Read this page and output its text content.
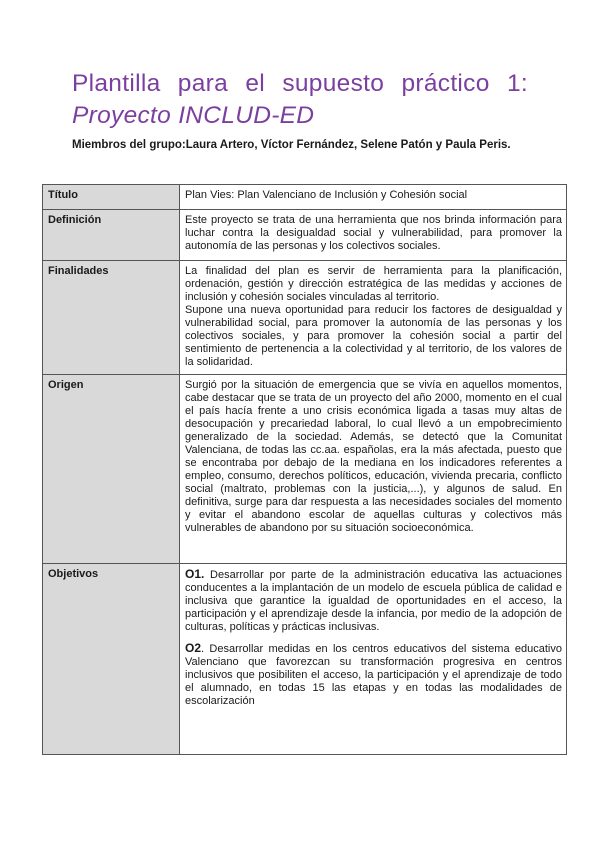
Plantilla para el supuesto práctico 1:
Proyecto INCLUD-ED
Miembros del grupo:Laura Artero, Víctor Fernández, Selene Patón y Paula Peris.
Título	Plan Vies: Plan Valenciano de Inclusión y Cohesión social
Definición	Este proyecto se trata de una herramienta que nos brinda información para luchar contra la desigualdad social y vulnerabilidad, para promover la autonomía de las personas y los colectivos sociales.
Finalidades	La finalidad del plan es servir de herramienta para la planificación, ordenación, gestión y dirección estratégica de las medidas y acciones de inclusión y cohesión sociales vinculadas al territorio.

Supone una nueva oportunidad para reducir los factores de desigualdad y vulnerabilidad social, para promover la autonomía de las personas y los colectivos sociales, y para promover la cohesión social a partir del sentimiento de pertenencia a la colectividad y al territorio, de los valores de la solidaridad.

Origen	Surgió por la situación de emergencia que se vivía en aquellos momentos, cabe destacar que se trata de un proyecto del año 2000, momento en el cual el país hacía frente a uno crisis económica ligada a tasas muy altas de desocupación y precariedad laboral, lo cual llevó a un empobrecimiento generalizado de la sociedad. Además, se detectó que la Comunitat Valenciana, de todas las cc.aa. españolas, era la más afectada, puesto que se encontraba por debajo de la mediana en los indicadores referentes a empleo, consumo, derechos políticos, educación, vivienda precaria, conflicto social (maltrato, problemas con la justicia,...), y algunos de salud. En definitiva, surge para dar respuesta a las necesidades sociales del momento y evitar el abandono escolar de aquellas culturas y colectivos más vulnerables de abandono por su situación socioeconómica.
Objetivos	O1. Desarrollar por parte de la administración educativa las actuaciones conducentes a la implantación de un modelo de escuela pública de calidad e inclusiva que garantice la igualdad de oportunidades en el acceso, la participación y el aprendizaje desde la infancia, por medio de la adopción de culturas, políticas y prácticas inclusivas.

O2. Desarrollar medidas en los centros educativos del sistema educativo Valenciano que favorezcan su transformación progresiva en centros inclusivos que posibiliten el acceso, la participación y el aprendizaje de todo el alumnado, en todas 15 las etapas y en todas las modalidades de escolarización
